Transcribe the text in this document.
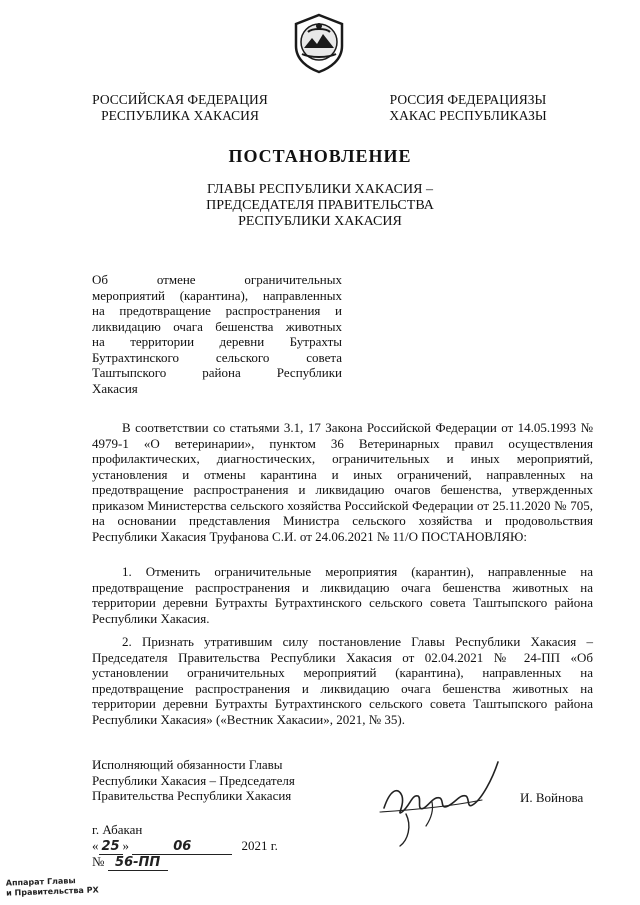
РОССИЙСКАЯ ФЕДЕРАЦИЯ
РЕСПУБЛИКА ХАКАСИЯ
РОССИЯ ФЕДЕРАЦИЯЗЫ
ХАКАС РЕСПУБЛИКАЗЫ
ПОСТАНОВЛЕНИЕ
ГЛАВЫ РЕСПУБЛИКИ ХАКАСИЯ –
ПРЕДСЕДАТЕЛЯ ПРАВИТЕЛЬСТВА
РЕСПУБЛИКИ ХАКАСИЯ
Об отмене ограничительных
мероприятий (карантина), направленных
на предотвращение распространения и
ликвидацию очага бешенства животных
на территории деревни Бутрахты
Бутрахтинского сельского совета
Таштыпского района Республики
Хакасия
В соответствии со статьями 3.1, 17 Закона Российской Федерации от 14.05.1993 № 4979-1 «О ветеринарии», пунктом 36 Ветеринарных правил осуществления профилактических, диагностических, ограничительных и иных мероприятий, установления и отмены карантина и иных ограничений, направленных на предотвращение распространения и ликвидацию очагов бешенства, утвержденных приказом Министерства сельского хозяйства Российской Федерации от 25.11.2020 № 705, на основании представления Министра сельского хозяйства и продовольствия Республики Хакасия Труфанова С.И. от 24.06.2021 № 11/О ПОСТАНОВЛЯЮ:
1. Отменить ограничительные мероприятия (карантин), направленные на предотвращение распространения и ликвидацию очага бешенства животных на территории деревни Бутрахты Бутрахтинского сельского совета Таштыпского района Республики Хакасия.
2. Признать утратившим силу постановление Главы Республики Хакасия – Председателя Правительства Республики Хакасия от 02.04.2021 № 24-ПП «Об установлении ограничительных мероприятий (карантина), направленных на предотвращение распространения и ликвидацию очага бешенства животных на территории деревни Бутрахты Бутрахтинского сельского совета Таштыпского района Республики Хакасия» («Вестник Хакасии», 2021, № 35).
Исполняющий обязанности Главы
Республики Хакасия – Председателя
Правительства Республики Хакасия	И. Войнова
г. Абакан
« 25 »	06	2021 г.
№ 56-ПП
Аппарат Главы
и Правительства РХ
